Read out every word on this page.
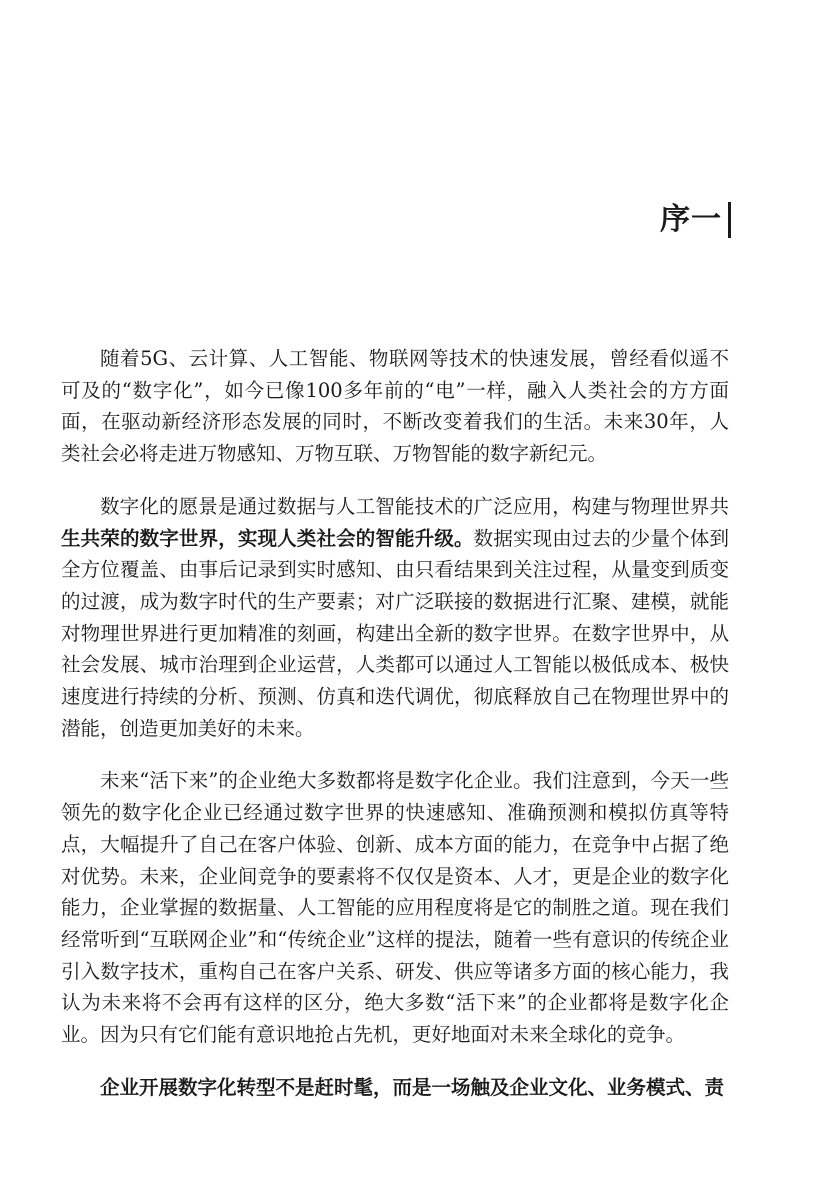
序一

随着5G、云计算、人工智能、物联网等技术的快速发展，曾经看似遥不可及的“数字化”，如今已像100多年前的“电”一样，融入人类社会的方方面面，在驱动新经济形态发展的同时，不断改变着我们的生活。未来30年，人类社会必将走进万物感知、万物互联、万物智能的数字新纪元。

数字化的愿景是通过数据与人工智能技术的广泛应用，构建与物理世界共生共荣的数字世界，实现人类社会的智能升级。数据实现由过去的少量个体到全方位覆盖、由事后记录到实时感知、由只看结果到关注过程，从量变到质变的过渡，成为数字时代的生产要素；对广泛联接的数据进行汇聚、建模，就能对物理世界进行更加精准的刻画，构建出全新的数字世界。在数字世界中，从社会发展、城市治理到企业运营，人类都可以通过人工智能以极低成本、极快速度进行持续的分析、预测、仿真和迭代调优，彻底释放自己在物理世界中的潜能，创造更加美好的未来。

未来“活下来”的企业绝大多数都将是数字化企业。我们注意到，今天一些领先的数字化企业已经通过数字世界的快速感知、准确预测和模拟仿真等特点，大幅提升了自己在客户体验、创新、成本方面的能力，在竞争中占据了绝对优势。未来，企业间竞争的要素将不仅仅是资本、人才，更是企业的数字化能力，企业掌握的数据量、人工智能的应用程度将是它的制胜之道。现在我们经常听到“互联网企业”和“传统企业”这样的提法，随着一些有意识的传统企业引入数字技术，重构自己在客户关系、研发、供应等诸多方面的核心能力，我认为未来将不会再有这样的区分，绝大多数“活下来”的企业都将是数字化企业。因为只有它们能有意识地抢占先机，更好地面对未来全球化的竞争。

企业开展数字化转型不是赶时髦，而是一场触及企业文化、业务模式、责
